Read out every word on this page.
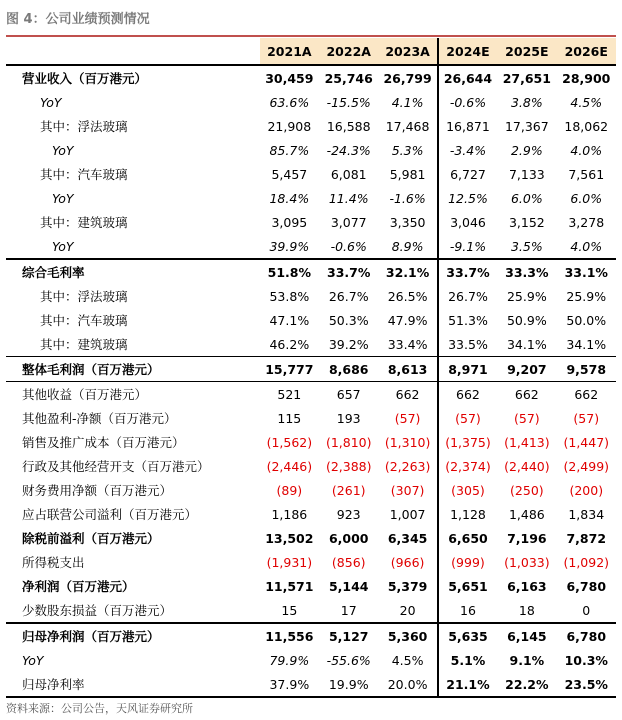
图 4：公司业绩预测情况
	2021A	2022A	2023A	2024E	2025E	2026E
营业收入（百万港元）	30,459	25,746	26,799	26,644	27,651	28,900
YoY	63.6%	-15.5%	4.1%	-0.6%	3.8%	4.5%
其中：浮法玻璃	21,908	16,588	17,468	16,871	17,367	18,062
YoY	85.7%	-24.3%	5.3%	-3.4%	2.9%	4.0%
其中：汽车玻璃	5,457	6,081	5,981	6,727	7,133	7,561
YoY	18.4%	11.4%	-1.6%	12.5%	6.0%	6.0%
其中：建筑玻璃	3,095	3,077	3,350	3,046	3,152	3,278
YoY	39.9%	-0.6%	8.9%	-9.1%	3.5%	4.0%
综合毛利率	51.8%	33.7%	32.1%	33.7%	33.3%	33.1%
其中：浮法玻璃	53.8%	26.7%	26.5%	26.7%	25.9%	25.9%
其中：汽车玻璃	47.1%	50.3%	47.9%	51.3%	50.9%	50.0%
其中：建筑玻璃	46.2%	39.2%	33.4%	33.5%	34.1%	34.1%
整体毛利润（百万港元）	15,777	8,686	8,613	8,971	9,207	9,578
其他收益（百万港元）	521	657	662	662	662	662
其他盈利-净额（百万港元）	115	193	(57)	(57)	(57)	(57)
销售及推广成本（百万港元）	(1,562)	(1,810)	(1,310)	(1,375)	(1,413)	(1,447)
行政及其他经营开支（百万港元）	(2,446)	(2,388)	(2,263)	(2,374)	(2,440)	(2,499)
财务费用净额（百万港元）	(89)	(261)	(307)	(305)	(250)	(200)
应占联营公司溢利（百万港元）	1,186	923	1,007	1,128	1,486	1,834
除税前溢利（百万港元）	13,502	6,000	6,345	6,650	7,196	7,872
所得税支出	(1,931)	(856)	(966)	(999)	(1,033)	(1,092)
净利润（百万港元）	11,571	5,144	5,379	5,651	6,163	6,780
少数股东损益（百万港元）	15	17	20	16	18	0
归母净利润（百万港元）	11,556	5,127	5,360	5,635	6,145	6,780
YoY	79.9%	-55.6%	4.5%	5.1%	9.1%	10.3%
归母净利率	37.9%	19.9%	20.0%	21.1%	22.2%	23.5%
资料来源：公司公告，天风证券研究所
